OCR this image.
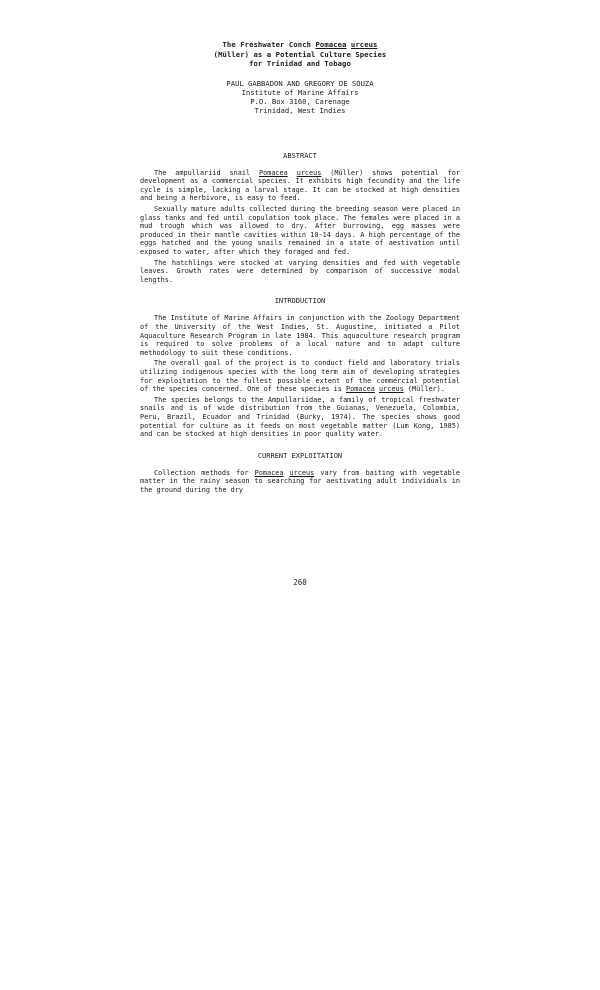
The Freshwater Conch Pomacea urceus
(Müller) as a Potential Culture Species
for Trinidad and Tobago
PAUL GABBADON AND GREGORY DE SOUZA
Institute of Marine Affairs
P.O. Box 3160, Carenage
Trinidad, West Indies
ABSTRACT

The ampullariid snail Pomacea urceus (Müller) shows potential for development as a commercial species. It exhibits high fecundity and the life cycle is simple, lacking a larval stage. It can be stocked at high densities and being a herbivore, is easy to feed.

Sexually mature adults collected during the breeding season were placed in glass tanks and fed until copulation took place. The females were placed in a mud trough which was allowed to dry. After burrowing, egg masses were produced in their mantle cavities within 10-14 days. A high percentage of the eggs hatched and the young snails remained in a state of aestivation until exposed to water, after which they foraged and fed.

The hatchlings were stocked at varying densities and fed with vegetable leaves. Growth rates were determined by comparison of successive modal lengths.

INTRODUCTION

The Institute of Marine Affairs in conjunction with the Zoology Department of the University of the West Indies, St. Augustine, initiated a Pilot Aquaculture Research Program in late 1984. This aquaculture research program is required to solve problems of a local nature and to adapt culture methodology to suit these conditions.

The overall goal of the project is to conduct field and laboratory trials utilizing indigenous species with the long term aim of developing strategies for exploitation to the fullest possible extent of the commercial potential of the species concerned. One of these species is Pomacea urceus (Müller).

The species belongs to the Ampullariidae, a family of tropical freshwater snails and is of wide distribution from the Guianas, Venezuela, Colombia, Peru, Brazil, Ecuador and Trinidad (Burky, 1974). The species shows good potential for culture as it feeds on most vegetable matter (Lum Kong, 1985) and can be stocked at high densities in poor quality water.

CURRENT EXPLOITATION

Collection methods for Pomacea urceus vary from baiting with vegetable matter in the rainy season to searching for aestivating adult individuals in the ground during the dry

260
